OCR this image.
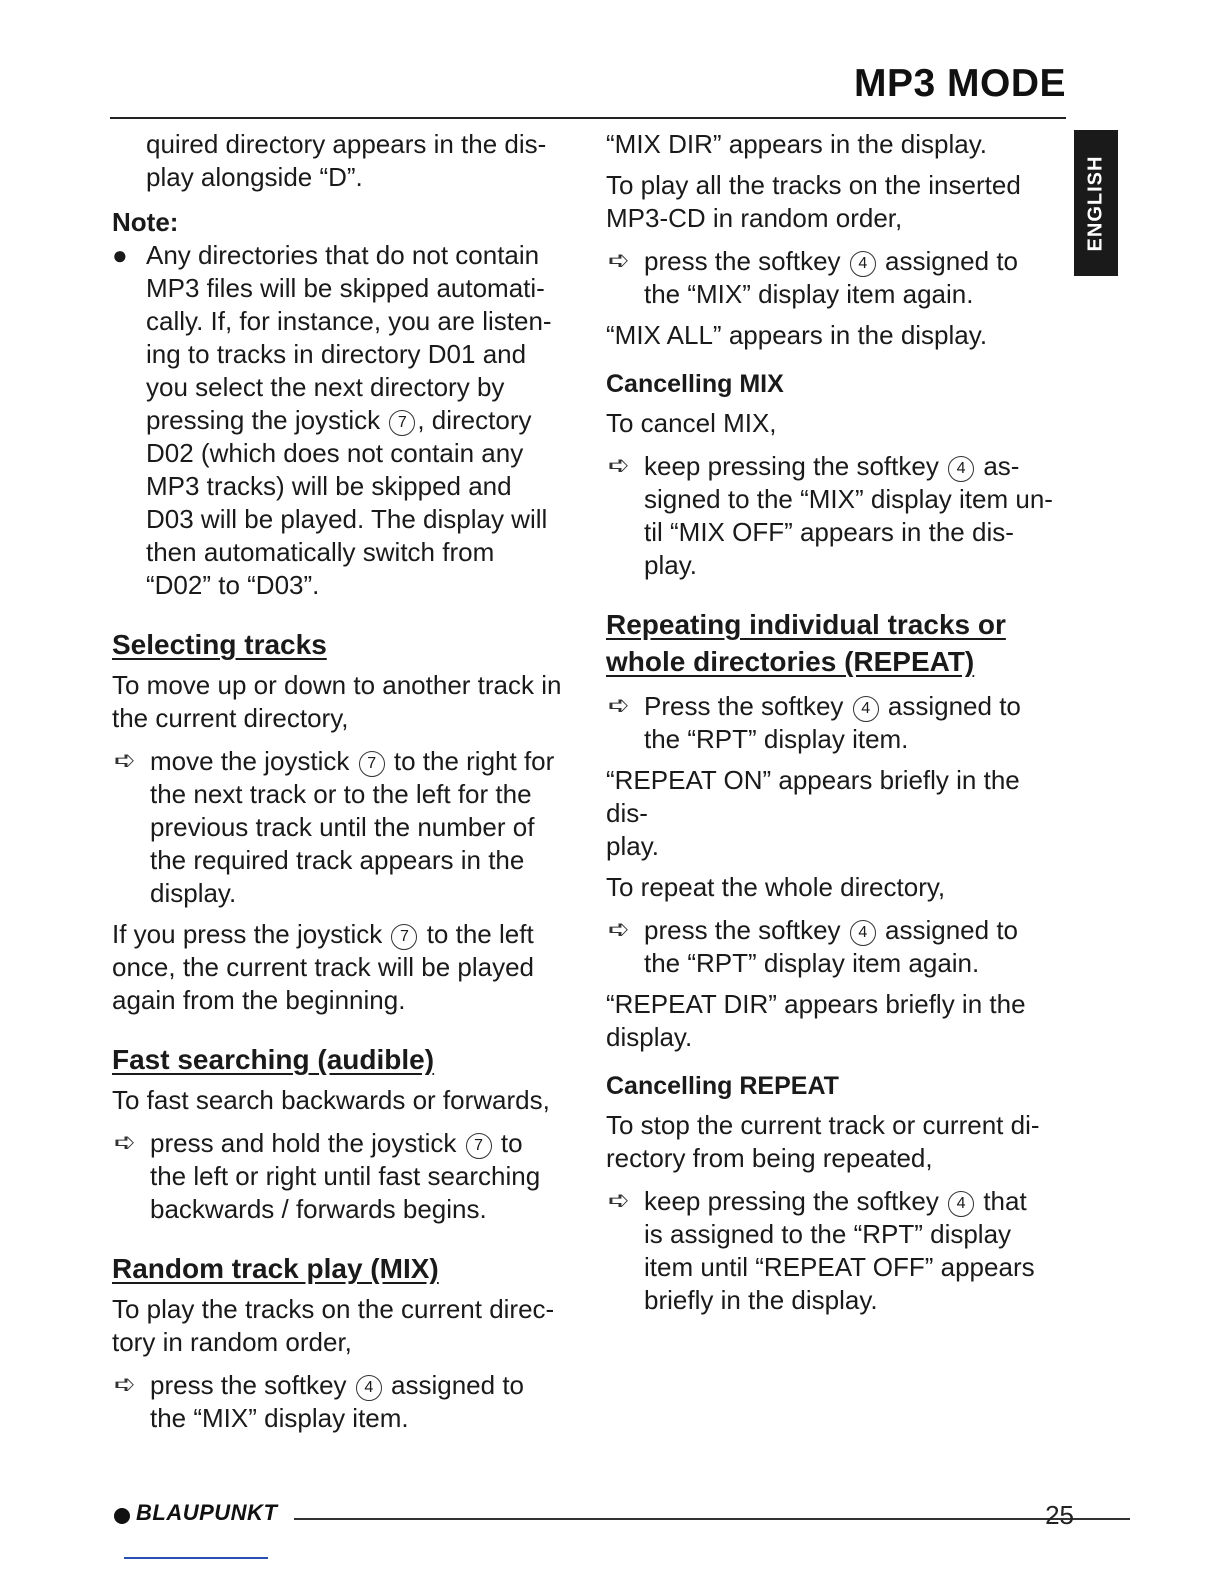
MP3 MODE
ENGLISH

quired directory appears in the dis-

play alongside “D”.

Note:

● Any directories that do not contain

MP3 files will be skipped automati-

cally. If, for instance, you are listen-

ing to tracks in directory D01 and

you select the next directory by

pressing the joystick 7 , directory

D02 (which does not contain any

MP3 tracks) will be skipped and

D03 will be played. The display will

then automatically switch from

“D02” to “D03”.

Selecting tracks

To move up or down to another track in

the current directory,

➪ move the joystick 7 to the right for

the next track or to the left for the

previous track until the number of

the required track appears in the

display.

If you press the joystick 7 to the left

once, the current track will be played

again from the beginning.

Fast searching (audible)

To fast search backwards or forwards,

➪ press and hold the joystick 7 to

the left or right until fast searching

backwards / forwards begins.

Random track play (MIX)

To play the tracks on the current direc-

tory in random order,

➪ press the softkey 4 assigned to

the “MIX” display item.

“MIX DIR” appears in the display.

To play all the tracks on the inserted

MP3-CD in random order,

➪ press the softkey 4 assigned to

the “MIX” display item again.

“MIX ALL” appears in the display.

Cancelling MIX

To cancel MIX,

➪ keep pressing the softkey 4 as-

signed to the “MIX” display item un-

til “MIX OFF” appears in the dis-

play.

Repeating individual tracks or

whole directories (REPEAT)

➪ Press the softkey 4 assigned to

the “RPT” display item.

“REPEAT ON” appears briefly in the dis-

play.

To repeat the whole directory,

➪ press the softkey 4 assigned to

the “RPT” display item again.

“REPEAT DIR” appears briefly in the

display.

Cancelling REPEAT

To stop the current track or current di-

rectory from being repeated,

➪ keep pressing the softkey 4 that

is assigned to the “RPT” display

item until “REPEAT OFF” appears

briefly in the display.

BLAUPUNKT	25
